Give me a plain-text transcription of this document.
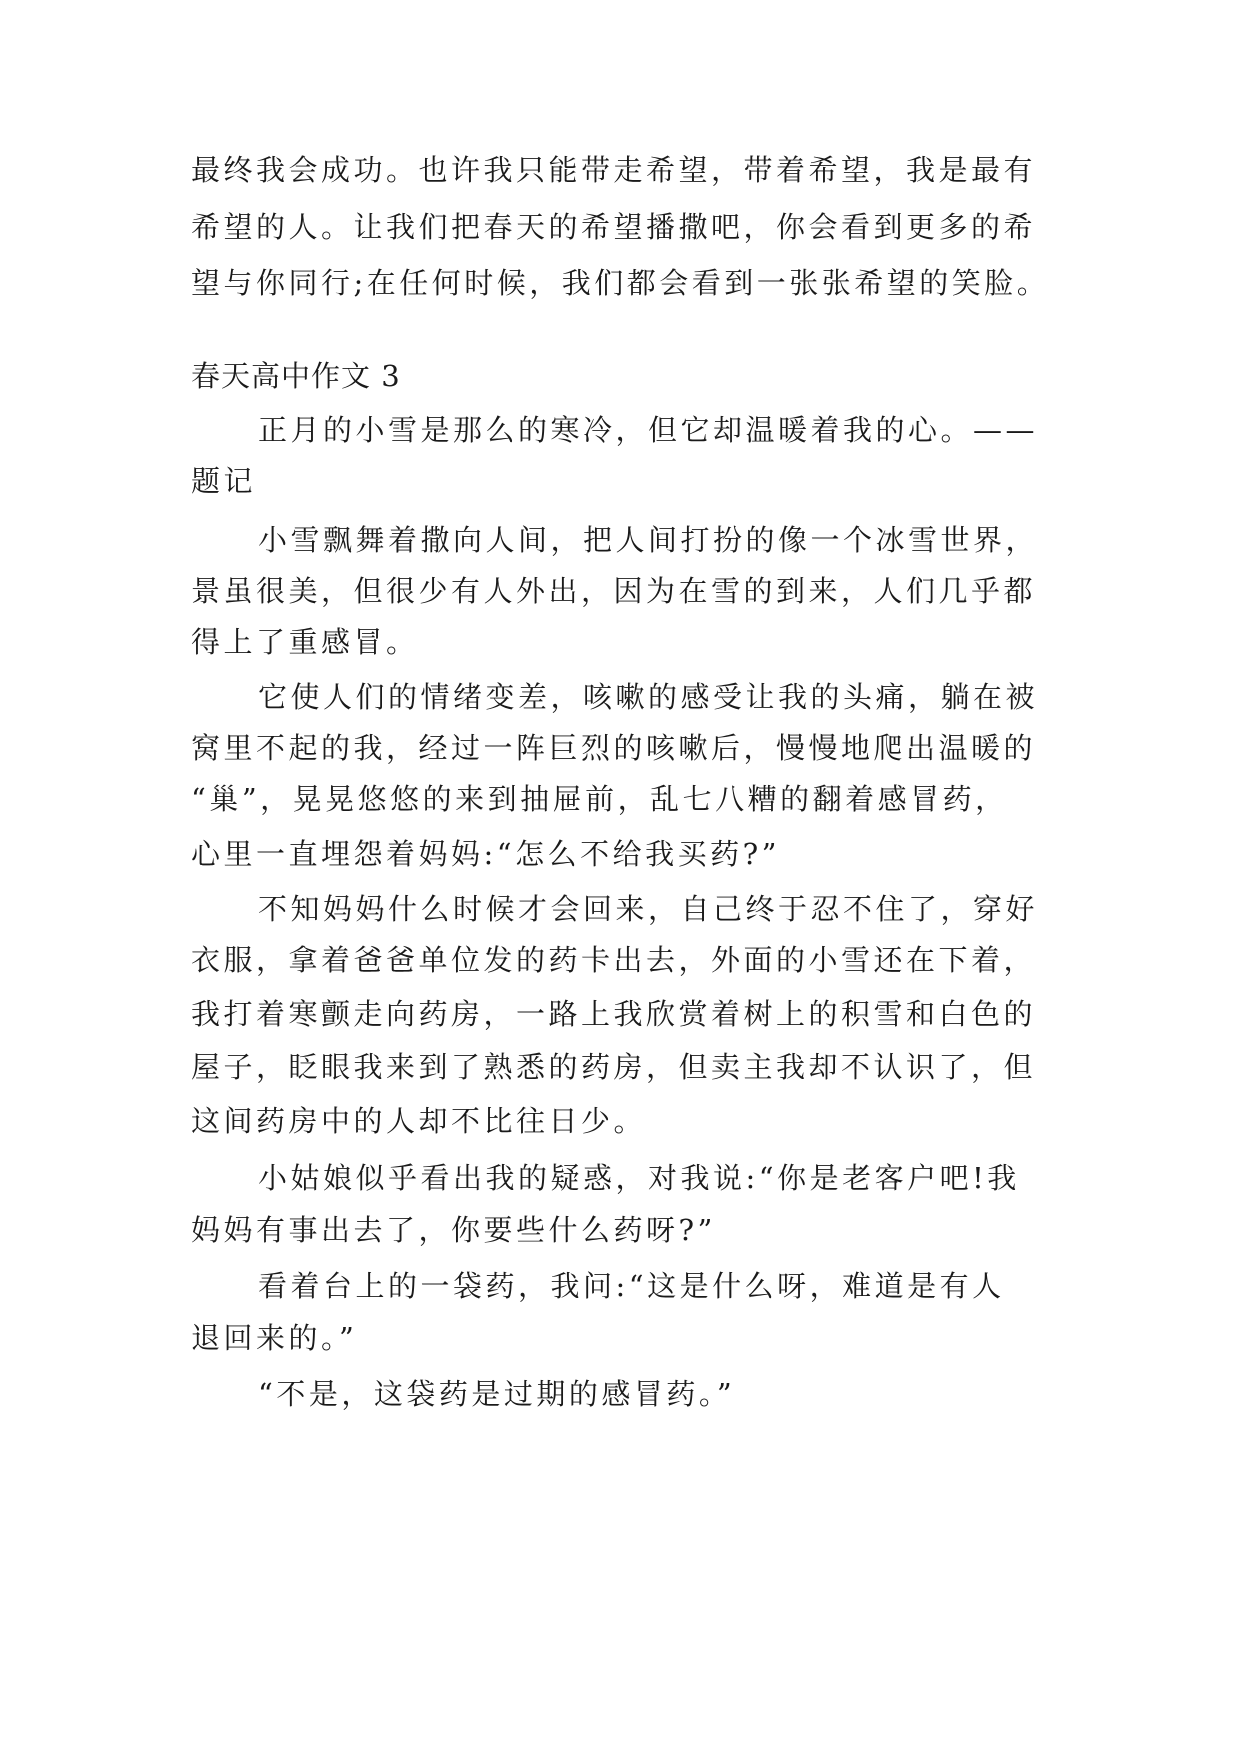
最终我会成功。也许我只能带走希望，带着希望，我是最有
希望的人。让我们把春天的希望播撒吧，你会看到更多的希
望与你同行;在任何时候，我们都会看到一张张希望的笑脸。
春天高中作文 3
正月的小雪是那么的寒冷，但它却温暖着我的心。——
题记
小雪飘舞着撒向人间，把人间打扮的像一个冰雪世界，
景虽很美，但很少有人外出，因为在雪的到来，人们几乎都
得上了重感冒。
它使人们的情绪变差，咳嗽的感受让我的头痛，躺在被
窝里不起的我，经过一阵巨烈的咳嗽后，慢慢地爬出温暖的
“巢”，晃晃悠悠的来到抽屉前，乱七八糟的翻着感冒药，
心里一直埋怨着妈妈:“怎么不给我买药?”
不知妈妈什么时候才会回来，自己终于忍不住了，穿好
衣服，拿着爸爸单位发的药卡出去，外面的小雪还在下着，
我打着寒颤走向药房，一路上我欣赏着树上的积雪和白色的
屋子，眨眼我来到了熟悉的药房，但卖主我却不认识了，但
这间药房中的人却不比往日少。
小姑娘似乎看出我的疑惑，对我说:“你是老客户吧!我
妈妈有事出去了，你要些什么药呀?”
看着台上的一袋药，我问:“这是什么呀，难道是有人
退回来的。”
“不是，这袋药是过期的感冒药。”
